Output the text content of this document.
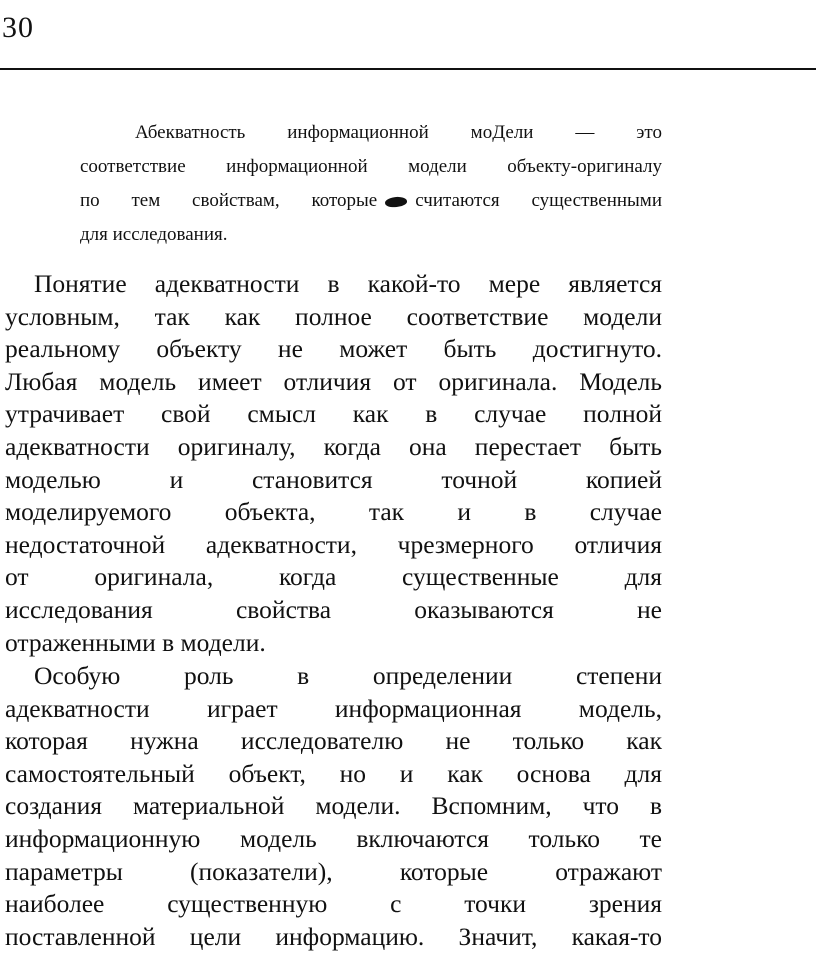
30
Абекватность информационной моДели — это
соответствие информационной модели объекту-оригиналу
по тем свойствам, которые считаются существенными
для исследования.
Понятие адекватности в какой-то мере является
условным, так как полное соответствие модели
реальному объекту не может быть достигнуто.
Любая модель имеет отличия от оригинала. Модель
утрачивает свой смысл как в случае полной
адекватности оригиналу, когда она перестает быть
моделью и становится точной копией
моделируемого объекта, так и в случае
недостаточной адекватности, чрезмерного отличия
от оригинала, когда существенные для
исследования свойства оказываются не
отраженными в модели.
Особую роль в определении степени
адекватности играет информационная модель,
которая нужна исследователю не только как
самостоятельный объект, но и как основа для
создания материальной модели. Вспомним, что в
информационную модель включаются только те
параметры (показатели), которые отражают
наиболее существенную с точки зрения
поставленной цели информацию. Значит, какая-то
